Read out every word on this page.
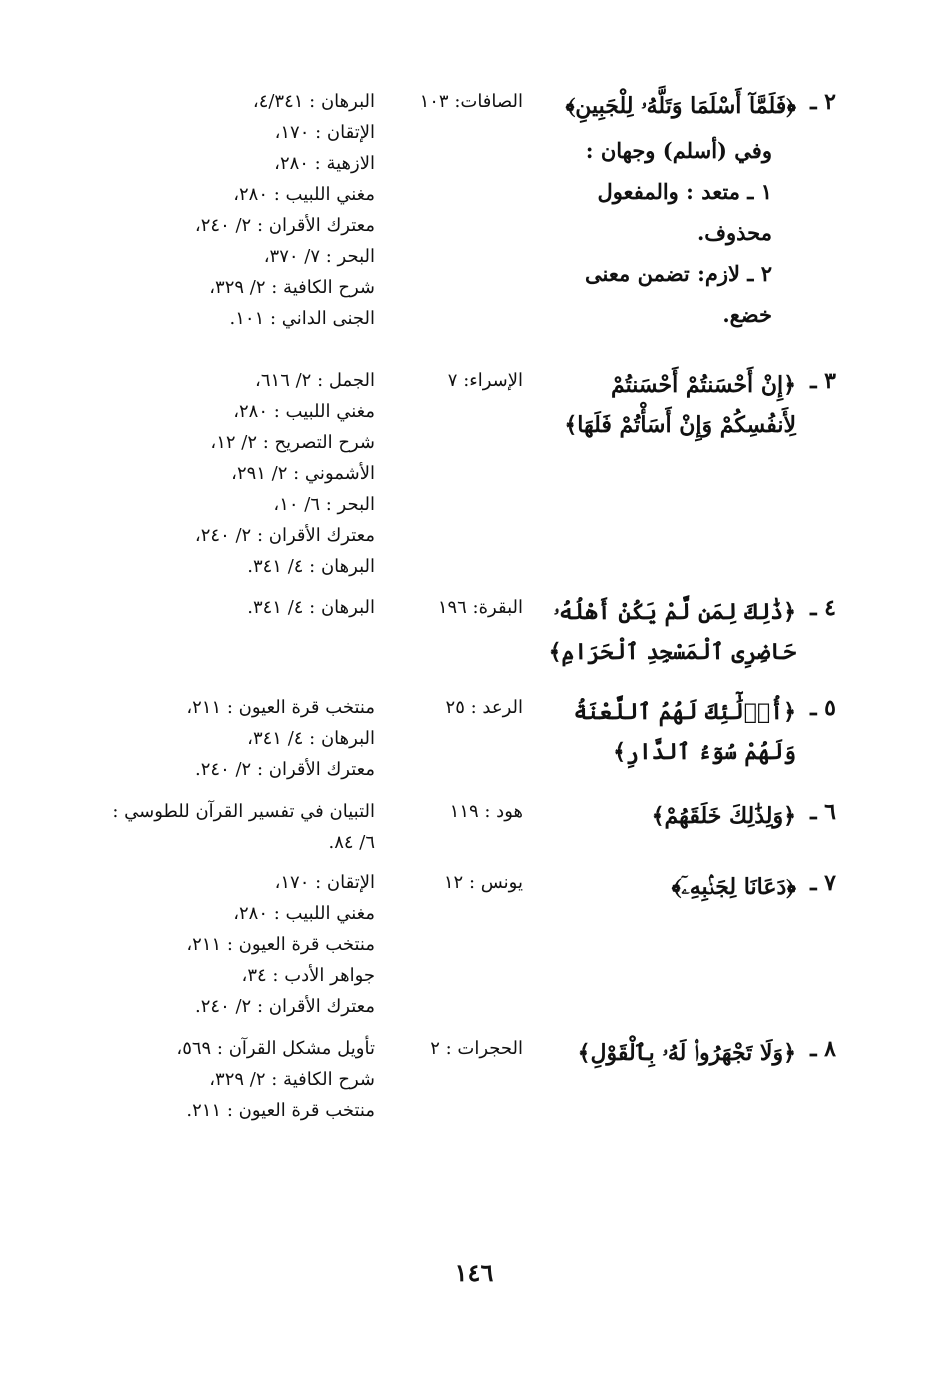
٢ ـ
﴿فَلَمَّآ أَسْلَمَا وَتَلَّهُۥ لِلْجَبِينِ﴾
وفي (أسلم) وجهان :
١ ـ متعد : والمفعول
محذوف.
٢ ـ لازم: تضمن معنى
خضع.
الصافات: ١٠٣
البرهان : ٤/٣٤١،
الإتقان : ١٧٠،
الازهية : ٢٨٠،
مغني اللبيب : ٢٨٠،
معترك الأقران : ٢/ ٢٤٠،
البحر : ٧/ ٣٧٠،
شرح الكافية : ٢/ ٣٢٩،
الجنى الداني : ١٠١.
٣ ـ
﴿إِنْ أَحْسَنتُمْ أَحْسَنتُمْ لِأَنفُسِكُمْ وَإِنْ أَسَأْتُمْ فَلَهَا﴾
الإسراء: ٧
الجمل : ٢/ ٦١٦،
مغني اللبيب : ٢٨٠،
شرح التصريح : ٢/ ١٢،
الأشموني : ٢/ ٢٩١،
البحر : ٦/ ١٠،
معترك الأقران : ٢/ ٢٤٠،
البرهان : ٤/ ٣٤١.
٤ ـ
﴿ذَٰلِكَ لِمَن لَّمْ يَكُنْ أَهْلُهُۥ حَاضِرِى ٱلْمَسْجِدِ ٱلْحَرَامِ﴾
البقرة: ١٩٦
البرهان : ٤/ ٣٤١.
٥ ـ
﴿أُو۟لَٰٓئِكَ لَهُمُ ٱللَّعْنَةُ وَلَهُمْ سُوٓءُ ٱلدَّارِ﴾
الرعد : ٢٥
منتخب قرة العيون : ٢١١،
البرهان : ٤/ ٣٤١،
معترك الأقران : ٢/ ٢٤٠.
٦ ـ
﴿وَلِذَٰلِكَ خَلَقَهُمْ﴾
هود : ١١٩
التبيان في تفسير القرآن للطوسي :
٦/ ٨٤.
٧ ـ
﴿دَعَانَا لِجَنۢبِهِۦٓ﴾
يونس : ١٢
الإتقان : ١٧٠،
مغني اللبيب : ٢٨٠،
منتخب قرة العيون : ٢١١،
جواهر الأدب : ٣٤،
معترك الأقران : ٢/ ٢٤٠.
٨ ـ
﴿وَلَا تَجْهَرُوا۟ لَهُۥ بِٱلْقَوْلِ﴾
الحجرات : ٢
تأويل مشكل القرآن : ٥٦٩،
شرح الكافية : ٢/ ٣٢٩،
منتخب قرة العيون : ٢١١.
١٤٦
